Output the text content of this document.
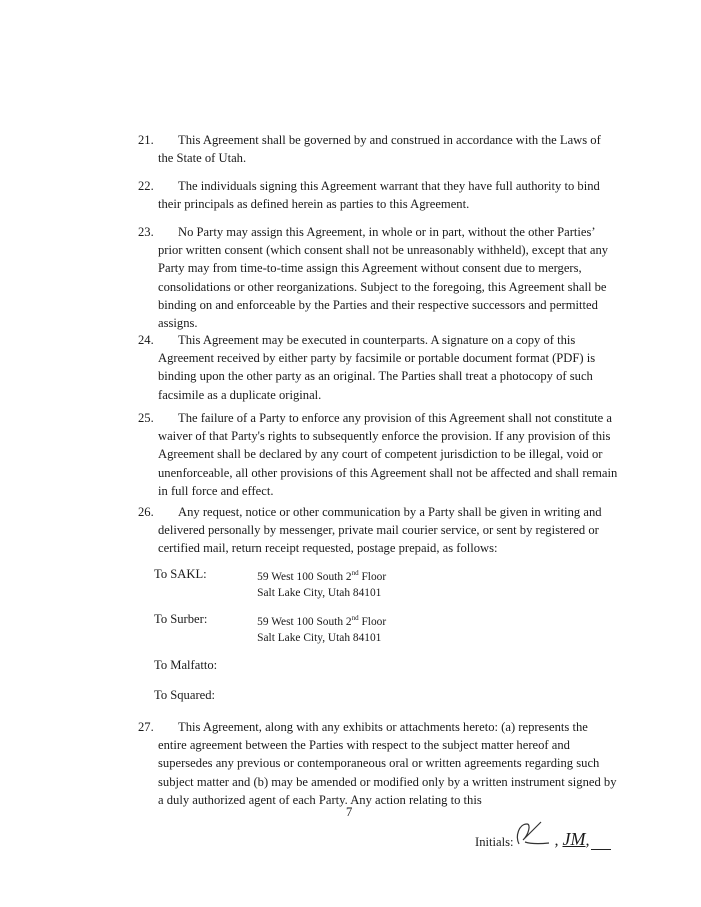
21.	This Agreement shall be governed by and construed in accordance with the Laws of the State of Utah.
22.	The individuals signing this Agreement warrant that they have full authority to bind their principals as defined herein as parties to this Agreement.
23.	No Party may assign this Agreement, in whole or in part, without the other Parties’ prior written consent (which consent shall not be unreasonably withheld), except that any Party may from time-to-time assign this Agreement without consent due to mergers, consolidations or other reorganizations. Subject to the foregoing, this Agreement shall be binding on and enforceable by the Parties and their respective successors and permitted assigns.
24.	This Agreement may be executed in counterparts. A signature on a copy of this Agreement received by either party by facsimile or portable document format (PDF) is binding upon the other party as an original. The Parties shall treat a photocopy of such facsimile as a duplicate original.
25.	The failure of a Party to enforce any provision of this Agreement shall not constitute a waiver of that Party's rights to subsequently enforce the provision. If any provision of this Agreement shall be declared by any court of competent jurisdiction to be illegal, void or unenforceable, all other provisions of this Agreement shall not be affected and shall remain in full force and effect.
26.	Any request, notice or other communication by a Party shall be given in writing and delivered personally by messenger, private mail courier service, or sent by registered or certified mail, return receipt requested, postage prepaid, as follows:
To SAKL:	59 West 100 South 2nd Floor
Salt Lake City, Utah 84101
To Surber:	59 West 100 South 2nd Floor
Salt Lake City, Utah 84101
To Malfatto:
To Squared:
27.	This Agreement, along with any exhibits or attachments hereto: (a) represents the entire agreement between the Parties with respect to the subject matter hereof and supersedes any previous or contemporaneous oral or written agreements regarding such subject matter and (b) may be amended or modified only by a written instrument signed by a duly authorized agent of each Party. Any action relating to this
7
Initials:	, JM ,
